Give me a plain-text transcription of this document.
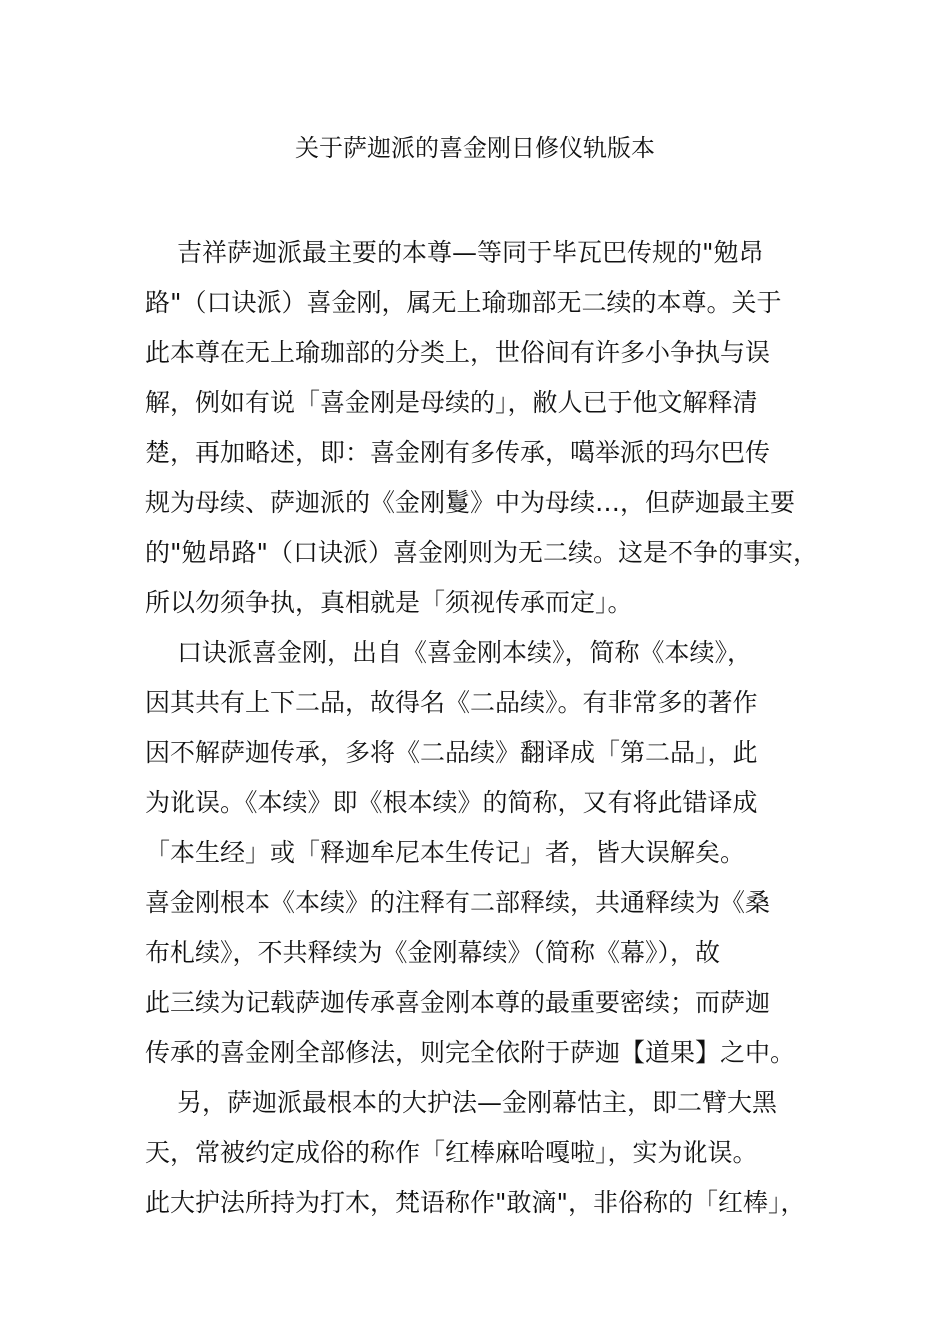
关于萨迦派的喜金刚日修仪轨版本
吉祥萨迦派最主要的本尊—等同于毕瓦巴传规的"勉昂
路"（口诀派）喜金刚，属无上瑜珈部无二续的本尊。关于
此本尊在无上瑜珈部的分类上，世俗间有许多小争执与误
解，例如有说「喜金刚是母续的」，敝人已于他文解释清
楚，再加略述，即：喜金刚有多传承，噶举派的玛尔巴传
规为母续、萨迦派的《金刚鬘》中为母续…，但萨迦最主要
的"勉昂路"（口诀派）喜金刚则为无二续。这是不争的事实，
所以勿须争执，真相就是「须视传承而定」。
口诀派喜金刚，出自《喜金刚本续》，简称《本续》，
因其共有上下二品，故得名《二品续》。有非常多的著作
因不解萨迦传承，多将《二品续》翻译成「第二品」，此
为讹误。《本续》即《根本续》的简称，又有将此错译成
「本生经」或「释迦牟尼本生传记」者，皆大误解矣。
喜金刚根本《本续》的注释有二部释续，共通释续为《桑
布札续》，不共释续为《金刚幕续》（简称《幕》），故
此三续为记载萨迦传承喜金刚本尊的最重要密续；而萨迦
传承的喜金刚全部修法，则完全依附于萨迦【道果】之中。
另，萨迦派最根本的大护法—金刚幕怙主，即二臂大黑
天，常被约定成俗的称作「红棒麻哈嘎啦」，实为讹误。
此大护法所持为打木，梵语称作"敢滴"，非俗称的「红棒」，
